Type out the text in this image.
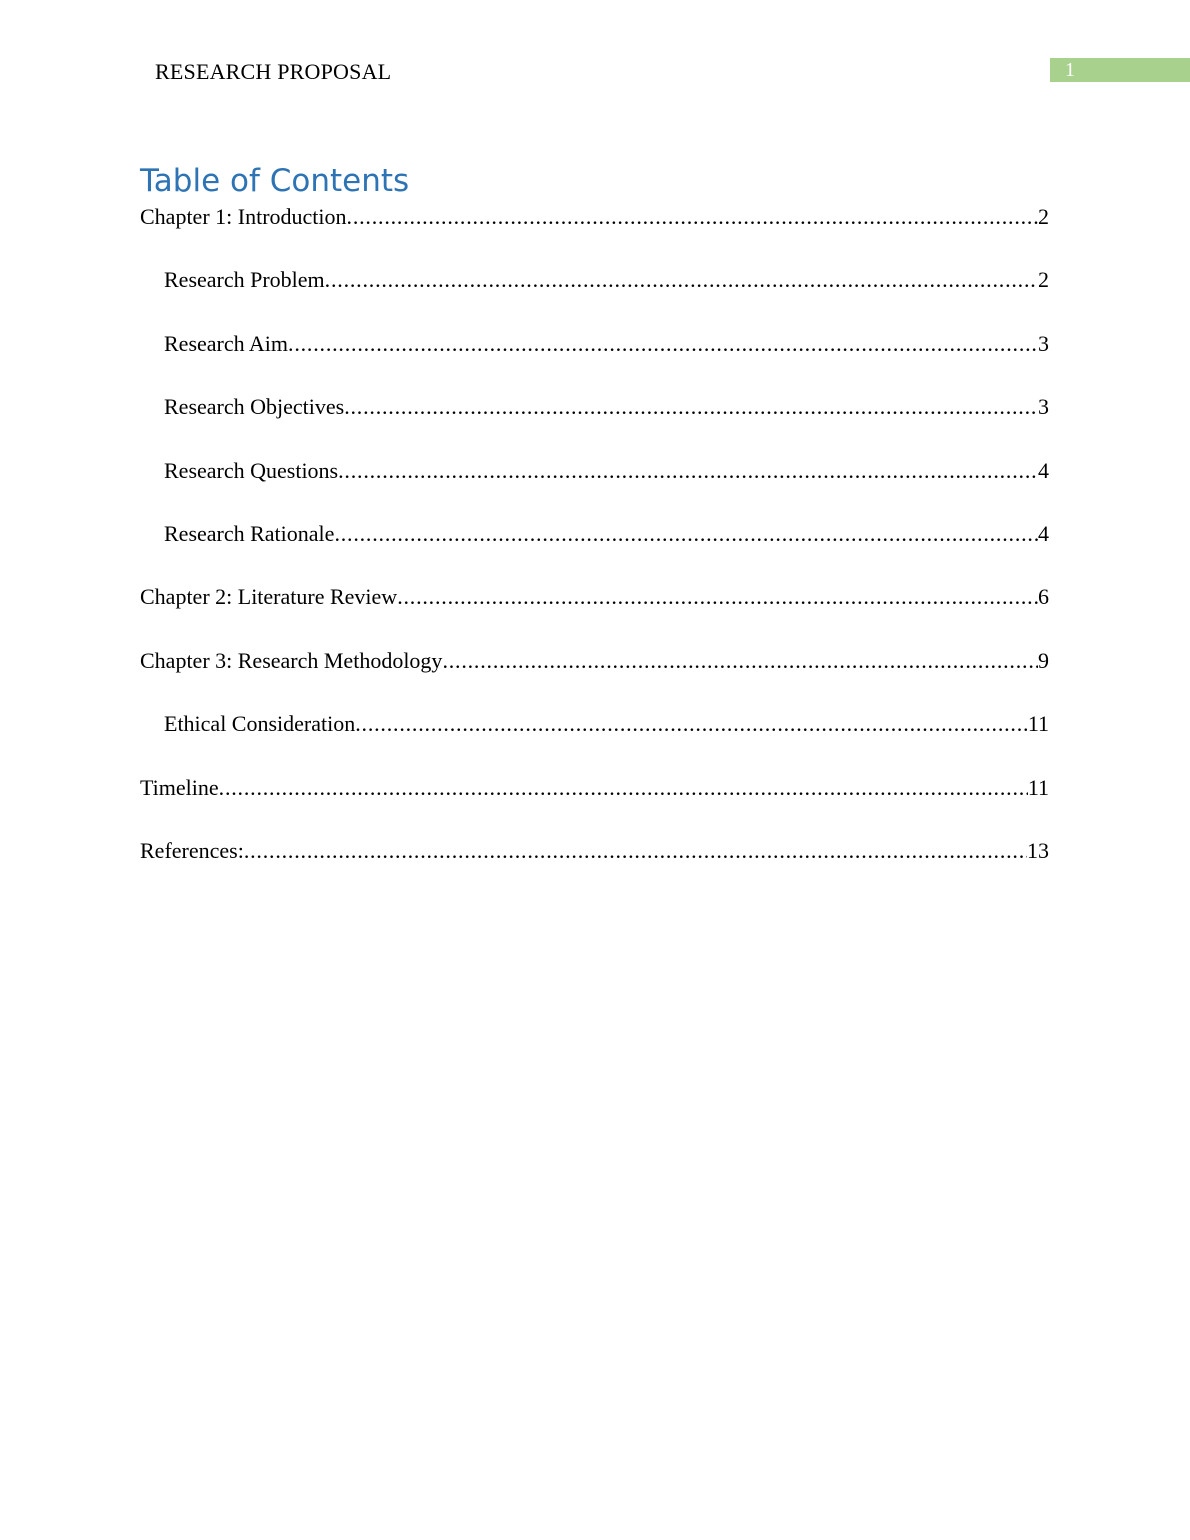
RESEARCH PROPOSAL	1
Table of Contents
Chapter 1: Introduction .....	2
Research Problem .....	2
Research Aim .....	3
Research Objectives .....	3
Research Questions .....	4
Research Rationale .....	4
Chapter 2: Literature Review .....	6
Chapter 3: Research Methodology .....	9
Ethical Consideration .....	11
Timeline .....	11
References: .....	13
